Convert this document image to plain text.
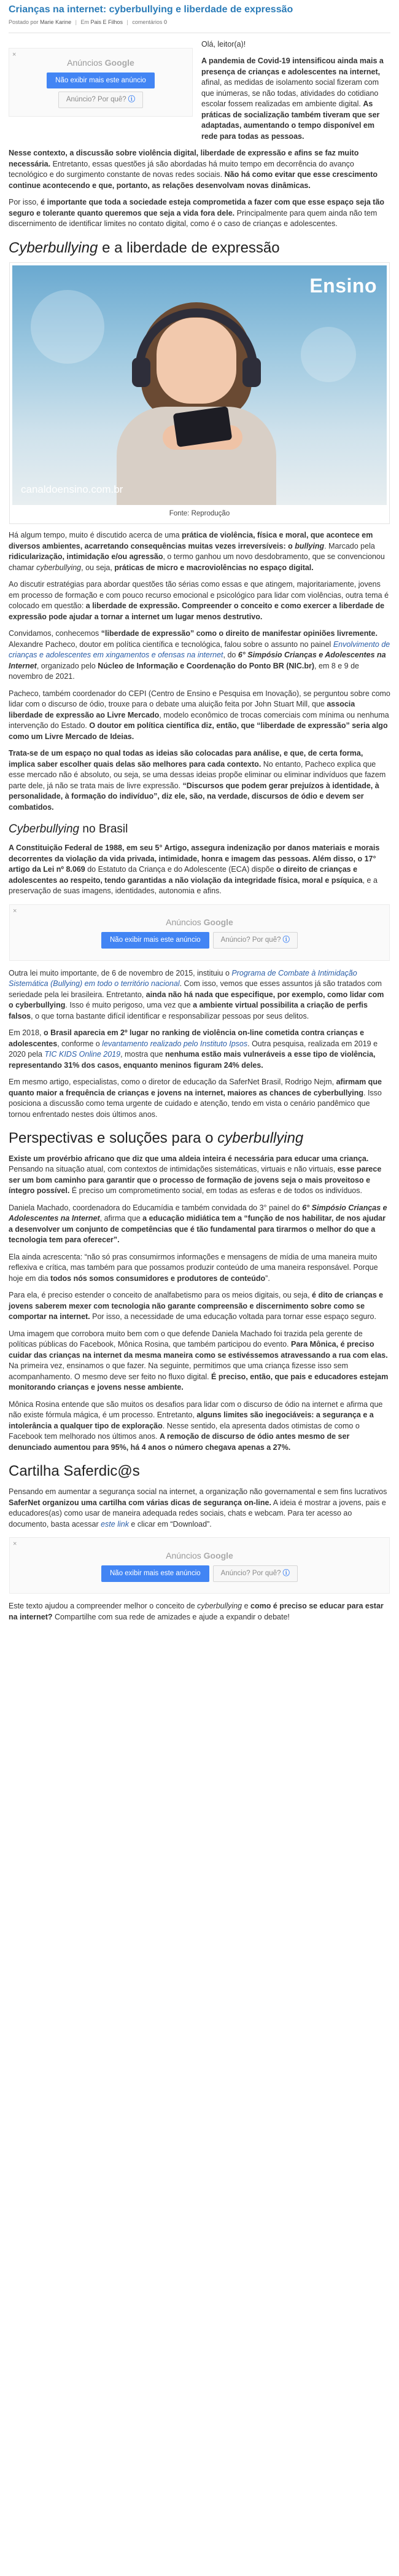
Crianças na internet: cyberbullying e liberdade de expressão
Postado por Marie Karine | Em Pais E Filhos | comentários 0
×
Anúncios Google
Não exibir mais este anúncio
Anúncio? Por quê? ⓘ

Olá, leitor(a)!

A pandemia de Covid-19 intensificou ainda mais a presença de crianças e adolescentes na internet, afinal, as medidas de isolamento social fizeram com que inúmeras, se não todas, atividades do cotidiano escolar fossem realizadas em ambiente digital. As práticas de socialização também tiveram que ser adaptadas, aumentando o tempo disponível em rede para todas as pessoas.

Nesse contexto, a discussão sobre violência digital, liberdade de expressão e afins se faz muito necessária. Entretanto, essas questões já são abordadas há muito tempo em decorrência do avanço tecnológico e do surgimento constante de novas redes sociais. Não há como evitar que esse crescimento continue acontecendo e que, portanto, as relações desenvolvam novas dinâmicas.

Por isso, é importante que toda a sociedade esteja comprometida a fazer com que esse espaço seja tão seguro e tolerante quanto queremos que seja a vida fora dele. Principalmente para quem ainda não tem discernimento de identificar limites no contato digital, como é o caso de crianças e adolescentes.

Cyberbullying e a liberdade de expressão
Ensino
canaldoensino.com.br
Fonte: Reprodução

Há algum tempo, muito é discutido acerca de uma prática de violência, física e moral, que acontece em diversos ambientes, acarretando consequências muitas vezes irreversíveis: o bullying. Marcado pela ridicularização, intimidação e/ou agressão, o termo ganhou um novo desdobramento, que se convencionou chamar cyberbullying, ou seja, práticas de micro e macroviolências no espaço digital.

Ao discutir estratégias para abordar questões tão sérias como essas e que atingem, majoritariamente, jovens em processo de formação e com pouco recurso emocional e psicológico para lidar com violências, outra tema é colocado em questão: a liberdade de expressão. Compreender o conceito e como exercer a liberdade de expressão pode ajudar a tornar a internet um lugar menos destrutivo.

Convidamos, conhecemos “liberdade de expressão” como o direito de manifestar opiniões livremente. Alexandre Pacheco, doutor em política científica e tecnológica, falou sobre o assunto no painel Envolvimento de crianças e adolescentes em xingamentos e ofensas na internet, do 6° Simpósio Crianças e Adolescentes na Internet, organizado pelo Núcleo de Informação e Coordenação do Ponto BR (NIC.br), em 8 e 9 de novembro de 2021.

Pacheco, também coordenador do CEPI (Centro de Ensino e Pesquisa em Inovação), se perguntou sobre como lidar com o discurso de ódio, trouxe para o debate uma aluição feita por John Stuart Mill, que associa liberdade de expressão ao Livre Mercado, modelo econômico de trocas comerciais com mínima ou nenhuma intervenção do Estado. O doutor em política científica diz, então, que “liberdade de expressão” seria algo como um Livre Mercado de Ideias.

Trata-se de um espaço no qual todas as ideias são colocadas para análise, e que, de certa forma, implica saber escolher quais delas são melhores para cada contexto. No entanto, Pacheco explica que esse mercado não é absoluto, ou seja, se uma dessas ideias propõe eliminar ou eliminar indivíduos que fazem parte dele, já não se trata mais de livre expressão. “Discursos que podem gerar prejuízos à identidade, à personalidade, à formação do indivíduo”, diz ele, são, na verdade, discursos de ódio e devem ser combatidos.

Cyberbullying no Brasil

A Constituição Federal de 1988, em seu 5° Artigo, assegura indenização por danos materiais e morais decorrentes da violação da vida privada, intimidade, honra e imagem das pessoas. Além disso, o 17° artigo da Lei nº 8.069 do Estatuto da Criança e do Adolescente (ECA) dispõe o direito de crianças e adolescentes ao respeito, tendo garantidas a não violação da integridade física, moral e psíquica, e a preservação de suas imagens, identidades, autonomia e afins.

×
Anúncios Google
Não exibir mais este anúncio	Anúncio? Por quê? ⓘ

Outra lei muito importante, de 6 de novembro de 2015, instituiu o Programa de Combate à Intimidação Sistemática (Bullying) em todo o território nacional. Com isso, vemos que esses assuntos já são tratados com seriedade pela lei brasileira. Entretanto, ainda não há nada que especifique, por exemplo, como lidar com o cyberbullying. Isso é muito perigoso, uma vez que a ambiente virtual possibilita a criação de perfis falsos, o que torna bastante difícil identificar e responsabilizar pessoas por seus delitos.

Em 2018, o Brasil aparecia em 2º lugar no ranking de violência on-line cometida contra crianças e adolescentes, conforme o levantamento realizado pelo Instituto Ipsos. Outra pesquisa, realizada em 2019 e 2020 pela TIC KIDS Online 2019, mostra que nenhuma estão mais vulneráveis a esse tipo de violência, representando 31% dos casos, enquanto meninos figuram 24% deles.

Em mesmo artigo, especialistas, como o diretor de educação da SaferNet Brasil, Rodrigo Nejm, afirmam que quanto maior a frequência de crianças e jovens na internet, maiores as chances de cyberbullying. Isso posiciona a discussão como tema urgente de cuidado e atenção, tendo em vista o cenário pandêmico que tornou enfrentado nestes dois últimos anos.

Perspectivas e soluções para o cyberbullying

Existe um provérbio africano que diz que uma aldeia inteira é necessária para educar uma criança. Pensando na situação atual, com contextos de intimidações sistemáticas, virtuais e não virtuais, esse parece ser um bom caminho para garantir que o processo de formação de jovens seja o mais proveitoso e íntegro possível. É preciso um comprometimento social, em todas as esferas e de todos os indivíduos.

Daniela Machado, coordenadora do Educamídia e também convidada do 3° painel do 6° Simpósio Crianças e Adolescentes na Internet, afirma que a educação midiática tem a “função de nos habilitar, de nos ajudar a desenvolver um conjunto de competências que é tão fundamental para tirarmos o melhor do que a tecnologia tem para oferecer”.

Ela ainda acrescenta: “não só pras consumirmos informações e mensagens de mídia de uma maneira muito reflexiva e crítica, mas também para que possamos produzir conteúdo de uma maneira responsável. Porque hoje em dia todos nós somos consumidores e produtores de conteúdo”.

Para ela, é preciso estender o conceito de analfabetismo para os meios digitais, ou seja, é dito de crianças e jovens saberem mexer com tecnologia não garante compreensão e discernimento sobre como se comportar na internet. Por isso, a necessidade de uma educação voltada para tornar esse espaço seguro.

Uma imagem que corrobora muito bem com o que defende Daniela Machado foi trazida pela gerente de políticas públicas do Facebook, Mônica Rosina, que também participou do evento. Para Mônica, é preciso cuidar das crianças na internet da mesma maneira como se estivéssemos atravessando a rua com elas. Na primeira vez, ensinamos o que fazer. Na seguinte, permitimos que uma criança fizesse isso sem acompanhamento. O mesmo deve ser feito no fluxo digital. É preciso, então, que pais e educadores estejam monitorando crianças e jovens nesse ambiente.

Mônica Rosina entende que são muitos os desafios para lidar com o discurso de ódio na internet e afirma que não existe fórmula mágica, é um processo. Entretanto, alguns limites são inegociáveis: a segurança e a intolerância a qualquer tipo de exploração. Nesse sentido, ela apresenta dados otimistas de como o Facebook tem melhorado nos últimos anos. A remoção de discurso de ódio antes mesmo de ser denunciado aumentou para 95%, há 4 anos o número chegava apenas a 27%.

Cartilha Saferdic@s

Pensando em aumentar a segurança social na internet, a organização não governamental e sem fins lucrativos SaferNet organizou uma cartilha com várias dicas de segurança on-line. A ideia é mostrar a jovens, pais e educadores(as) como usar de maneira adequada redes sociais, chats e webcam. Para ter acesso ao documento, basta acessar este link e clicar em “Download”.

×
Anúncios Google
Não exibir mais este anúncio	Anúncio? Por quê? ⓘ

Este texto ajudou a compreender melhor o conceito de cyberbullying e como é preciso se educar para estar na internet? Compartilhe com sua rede de amizades e ajude a expandir o debate!
